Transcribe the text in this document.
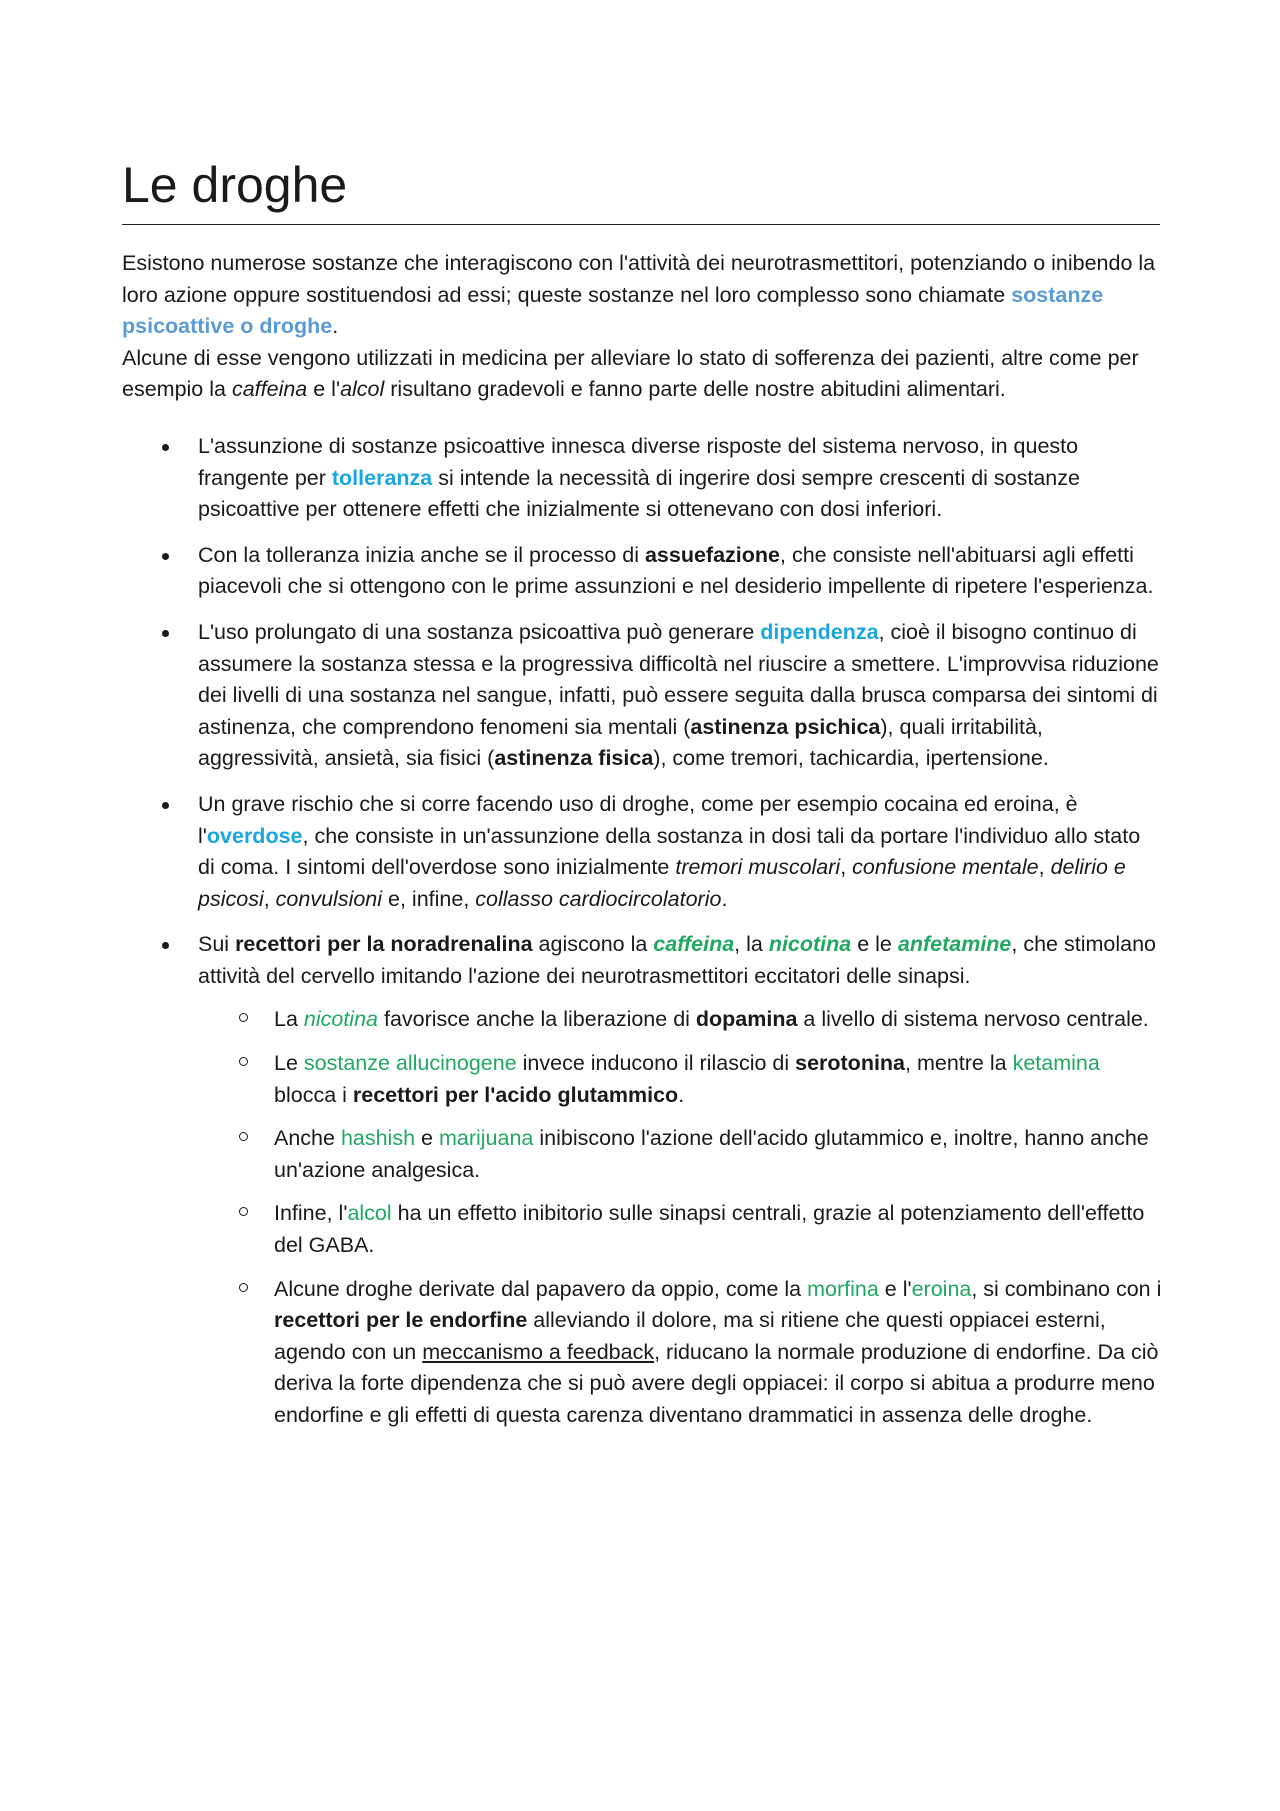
Le droghe

Esistono numerose sostanze che interagiscono con l'attività dei neurotrasmettitori, potenziando o inibendo la loro azione oppure sostituendosi ad essi; queste sostanze nel loro complesso sono chiamate sostanze psicoattive o droghe.

Alcune di esse vengono utilizzati in medicina per alleviare lo stato di sofferenza dei pazienti, altre come per esempio la caffeina e l'alcol risultano gradevoli e fanno parte delle nostre abitudini alimentari.

L'assunzione di sostanze psicoattive innesca diverse risposte del sistema nervoso, in questo frangente per tolleranza si intende la necessità di ingerire dosi sempre crescenti di sostanze psicoattive per ottenere effetti che inizialmente si ottenevano con dosi inferiori.
Con la tolleranza inizia anche se il processo di assuefazione, che consiste nell'abituarsi agli effetti piacevoli che si ottengono con le prime assunzioni e nel desiderio impellente di ripetere l'esperienza.
L'uso prolungato di una sostanza psicoattiva può generare dipendenza, cioè il bisogno continuo di assumere la sostanza stessa e la progressiva difficoltà nel riuscire a smettere. L'improvvisa riduzione dei livelli di una sostanza nel sangue, infatti, può essere seguita dalla brusca comparsa dei sintomi di astinenza, che comprendono fenomeni sia mentali (astinenza psichica), quali irritabilità, aggressività, ansietà, sia fisici (astinenza fisica), come tremori, tachicardia, ipertensione.
Un grave rischio che si corre facendo uso di droghe, come per esempio cocaina ed eroina, è l'overdose, che consiste in un'assunzione della sostanza in dosi tali da portare l'individuo allo stato di coma. I sintomi dell'overdose sono inizialmente tremori muscolari, confusione mentale, delirio e psicosi, convulsioni e, infine, collasso cardiocircolatorio.
Sui recettori per la noradrenalina agiscono la caffeina, la nicotina e le anfetamine, che stimolano attività del cervello imitando l'azione dei neurotrasmettitori eccitatori delle sinapsi.
La nicotina favorisce anche la liberazione di dopamina a livello di sistema nervoso centrale.
Le sostanze allucinogene invece inducono il rilascio di serotonina, mentre la ketamina blocca i recettori per l'acido glutammico.
Anche hashish e marijuana inibiscono l'azione dell'acido glutammico e, inoltre, hanno anche un'azione analgesica.
Infine, l'alcol ha un effetto inibitorio sulle sinapsi centrali, grazie al potenziamento dell'effetto del GABA.
Alcune droghe derivate dal papavero da oppio, come la morfina e l'eroina, si combinano con i recettori per le endorfine alleviando il dolore, ma si ritiene che questi oppiacei esterni, agendo con un meccanismo a feedback, riducano la normale produzione di endorfine. Da ciò deriva la forte dipendenza che si può avere degli oppiacei: il corpo si abitua a produrre meno endorfine e gli effetti di questa carenza diventano drammatici in assenza delle droghe.
